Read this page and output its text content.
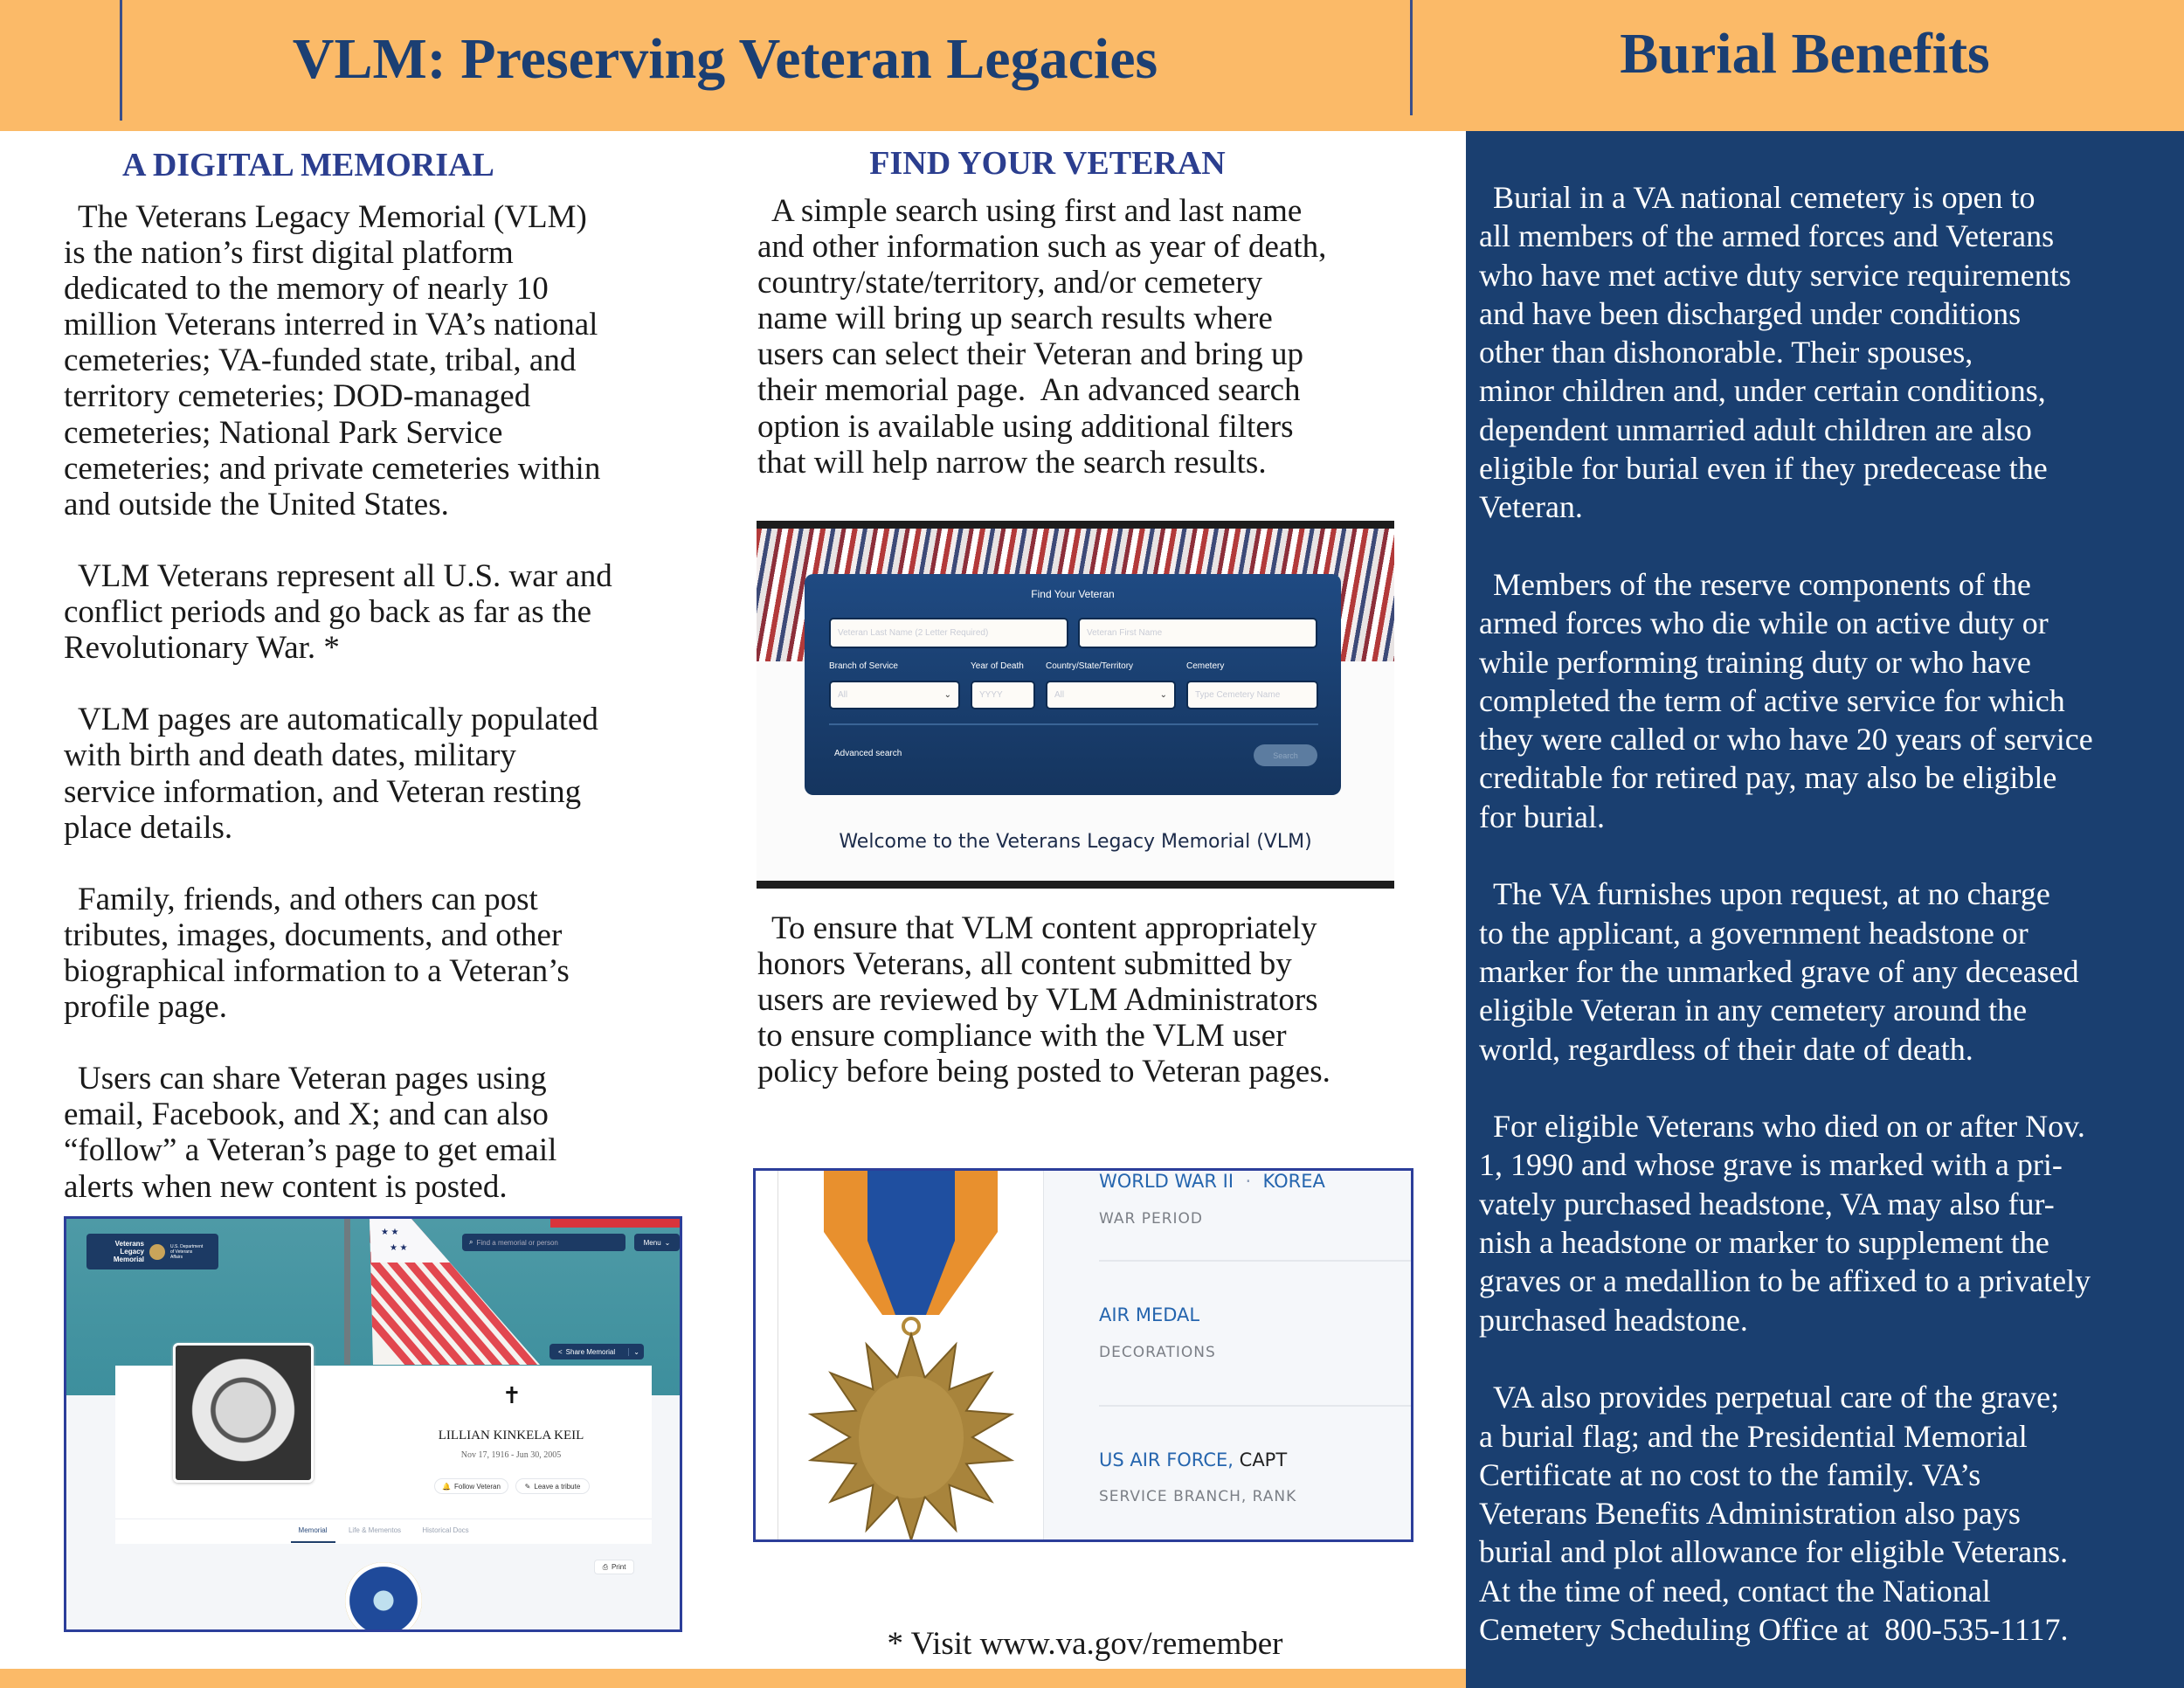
VLM: Preserving Veteran Legacies	Burial Benefits
A DIGITAL MEMORIAL

The Veterans Legacy Memorial (VLM)
is the nation’s first digital platform
dedicated to the memory of nearly 10
million Veterans interred in VA’s national
cemeteries; VA-funded state, tribal, and
territory cemeteries; DOD-managed
cemeteries; National Park Service
cemeteries; and private cemeteries within
and outside the United States.

VLM Veterans represent all U.S. war and
conflict periods and go back as far as the
Revolutionary War. *

VLM pages are automatically populated
with birth and death dates, military
service information, and Veteran resting
place details.

Family, friends, and others can post
tributes, images, documents, and other
biographical information to a Veteran’s
profile page.

Users can share Veteran pages using
email, Facebook, and X; and can also
“follow” a Veteran’s page to get email
alerts when new content is posted.

FIND YOUR VETERAN

A simple search using first and last name
and other information such as year of death,
country/state/territory, and/or cemetery
name will bring up search results where
users can select their Veteran and bring up
their memorial page.  An advanced search
option is available using additional filters
that will help narrow the search results.

To ensure that VLM content appropriately
honors Veterans, all content submitted by
users are reviewed by VLM Administrators
to ensure compliance with the VLM user
policy before being posted to Veteran pages.

Find Your Veteran
Veteran Last Name (2 Letter Required)	Veteran First Name
Branch of Service	Year of Death	Country/State/Territory	Cemetery
All	⌄	YYYY	All	⌄	Type Cemetery Name
Advanced search	Search
Welcome to the Veterans Legacy Memorial (VLM)
WORLD WAR II · KOREA
WAR PERIOD
AIR MEDAL
DECORATIONS
US AIR FORCE, CAPT
SERVICE BRANCH, RANK
★ ★
★ ★
Veterans Legacy Memorial
U.S. Department of Veterans Affairs
⌕ Find a memorial or person	Menu ⌄
< Share Memorial	⌄
✝
LILLIAN KINKELA KEIL
Nov 17, 1916 - Jun 30, 2005
🔔 Follow Veteran	✎ Leave a tribute
Memorial	Life & Mementos	Historical Docs
⎙ Print
* Visit www.va.gov/remember

Burial in a VA national cemetery is open to
all members of the armed forces and Veterans
who have met active duty service requirements
and have been discharged under conditions
other than dishonorable. Their spouses,
minor children and, under certain conditions,
dependent unmarried adult children are also
eligible for burial even if they predecease the
Veteran.

Members of the reserve components of the
armed forces who die while on active duty or
while performing training duty or who have
completed the term of active service for which
they were called or who have 20 years of service
creditable for retired pay, may also be eligible
for burial.

The VA furnishes upon request, at no charge
to the applicant, a government headstone or
marker for the unmarked grave of any deceased
eligible Veteran in any cemetery around the
world, regardless of their date of death.

For eligible Veterans who died on or after Nov.
1, 1990 and whose grave is marked with a pri-
vately purchased headstone, VA may also fur-
nish a headstone or marker to supplement the
graves or a medallion to be affixed to a privately
purchased headstone.

VA also provides perpetual care of the grave;
a burial flag; and the Presidential Memorial
Certificate at no cost to the family. VA’s
Veterans Benefits Administration also pays
burial and plot allowance for eligible Veterans.
At the time of need, contact the National
Cemetery Scheduling Office at  800-535-1117.
